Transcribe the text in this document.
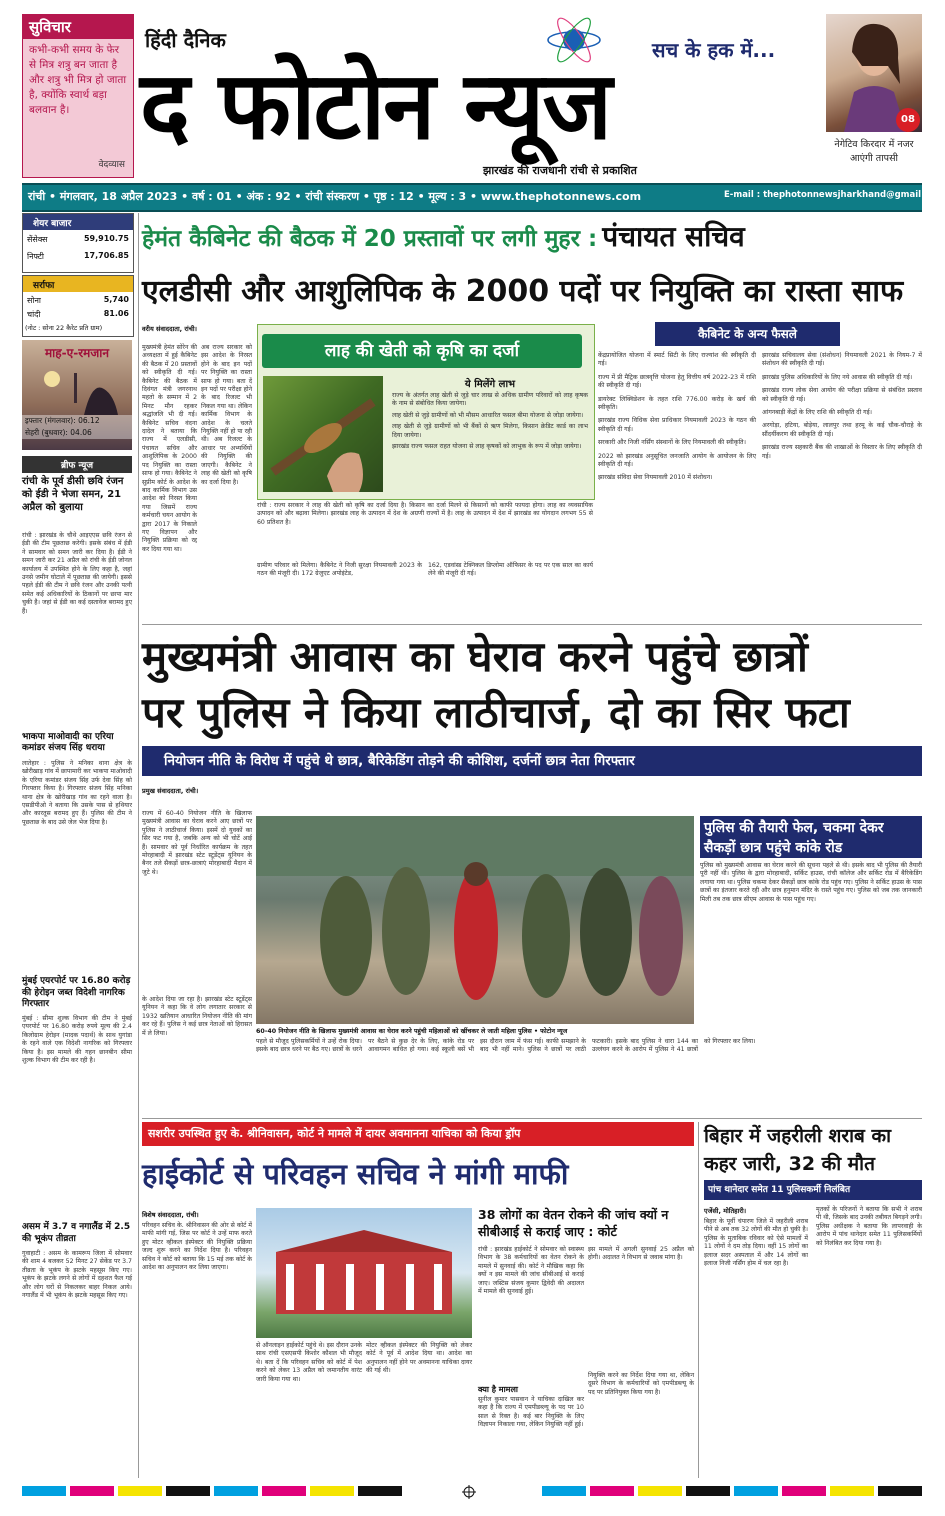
सुविचार
कभी-कभी समय के फेर से मित्र शत्रु बन जाता है और शत्रु भी मित्र हो जाता है, क्योंकि स्वार्थ बड़ा बलवान है।
वेदव्यास
हिंदी दैनिक	सच के हक में...
द फोटोन न्यूज
झारखंड की राजधानी रांची से प्रकाशित
08
नेगेटिव किरदार में नजर आएंगी तापसी
रांची • मंगलवार, 18 अप्रैल 2023 • वर्ष : 01 • अंक : 92 • रांची संस्करण • पृष्ठ : 12 • मूल्य : 3 • www.thephotonnews.com	E-mail : thephotonnewsjharkhand@gmail.com
शेयर बाजार
सेंसेक्स	59,910.75
निफ्टी	17,706.85
सर्राफा
सोना	5,740
चांदी	81.06
(नोट : सोना 22 कैरेट प्रति ग्राम)
माह-ए-रमजान
इफ्तार (मंगलवार): 06.12
सेहरी (बुधवार): 04.06
ब्रीफ न्यूज
रांची के पूर्व डीसी छवि रंजन को ईडी ने भेजा समन, 21 अप्रैल को बुलाया
रांची : झारखंड के चौथे आइएएस छवि रंजन से ईडी की टीम पूछताछ करेगी। इसके संबंध में ईडी ने सामवार को समन जारी कर दिया है। ईडी ने समन जारी कर 21 अप्रैल को रांची के ईडी जोनल कार्यालय में उपस्थित होने के लिए कहा है, जहां उनसे जमीन घोटाले में पूछताछ की जायेगी। इससे पहले ईडी की टीम ने छवि रंजन और उनकी पत्नी समेत कई अधिकारियों के ठिकानों पर छापा मार चुकी है। जहां से ईडी का कई दस्तावेज बरामद हुए हैं।
भाकपा माओवादी का एरिया कमांडर संजय सिंह धराया
लातेहार : पुलिस ने मनिका थाना क्षेत्र के खोरीखाड़ गांव में छापामारी कर भाकपा माओवादी के एरिया कमांडर संजय सिंह उर्फ देवा सिंह को गिरफ्तार किया है। गिरफ्तार संजय सिंह मनिका थाना क्षेत्र के खोरीखाड़ गांव का रहने वाला है। एसडीपीओ ने बताया कि उसके पास से हथियार और कारतूस बरामद हुए हैं। पुलिस की टीम ने पूछताछ के बाद उसे जेल भेज दिया है।
मुंबई एयरपोर्ट पर 16.80 करोड़ की हेरोइन जब्त विदेशी नागरिक गिरफ्तार
मुंबई : सीमा शुल्क विभाग की टीम ने मुंबई एयरपोर्ट पर 16.80 करोड़ रुपये मूल्य की 2.4 किलोग्राम हेरोइन (मादक पदार्थ) के साथ युगांडा के रहने वाले एक विदेशी नागरिक को गिरफ्तार किया है। इस मामले की गहन छानबीन सीमा शुल्क विभाग की टीम कर रही है।
असम में 3.7 व नगालैंड में 2.5 की भूकंप तीव्रता
गुवाहाटी : असम के कामरूप जिला में सोमवार की शाम 4 बजकर 52 मिनट 27 सेकेंड पर 3.7 तीव्रता के भूकंप के झटके महसूस किए गए। भूकंप के झटके लगने से लोगों में दहशत फैल गई और लोग घरों से निकलकर बाहर निकल आये। नगालैंड में भी भूकंप के झटके महसूस किए गए।
हेमंत कैबिनेट की बैठक में 20 प्रस्तावों पर लगी मुहर : पंचायत सचिव
एलडीसी और आशुलिपिक के 2000 पदों पर नियुक्ति का रास्ता साफ
वरीय संवाददाता, रांची।
मुख्यमंत्री हेमंत सोरेन की अध्यक्षता में हुई कैबिनेट की बैठक में 20 प्रस्तावों को स्वीकृति दी गई। कैबिनेट की बैठक में दिवंगत मंत्री जगरनाथ महतो के सम्मान में 2 मिनट मौन रहकर श्रद्धांजलि भी दी गई। कैबिनेट सचिव वंदना दादेल ने बताया कि राज्य में एलडीसी, पंचायत सचिव और आशुलिपिक के 2000 पद नियुक्ति का रास्ता साफ हो गया। कैबिनेट ने सुप्रीम कोर्ट के आदेश के बाद कार्मिक विभाग उस आदेश को निरस्त किया गया जिसमें राज्य कर्मचारी चयन आयोग के द्वारा 2017 के निकाले गए विज्ञापन और नियुक्ति प्रक्रिया को रद्द कर दिया गया था।
अब राज्य सरकार को इस आदेश के निरस्त होने के बाद इन पदों पर नियुक्ति का रास्ता साफ हो गया। बता दें इन पदों पर परीक्षा होने के बाद रिजल्ट भी निकल गया था। लेकिन कार्मिक विभाग के आदेश के चलते नियुक्ति नहीं हो पा रही थी। अब रिजल्ट के आधार पर अभ्यर्थियों की नियुक्ति की जाएगी। कैबिनेट ने लाह की खेती को कृषि का दर्जा दिया है।
लाह की खेती को कृषि का दर्जा
ये मिलेंगे लाभ
राज्य के अंतर्गत लाह खेती से जुड़े चार लाख से अधिक ग्रामीण परिवारों को लाह कृषक के नाम से संबोधित किया जायेगा।
लाह खेती से जुड़े ग्रामीणों को भी मौसम आधारित फसल बीमा योजना से जोड़ा जायेगा।
लाह खेती से जुड़े ग्रामीणों को भी बैंकों से ऋण मिलेगा, किसान क्रेडिट कार्ड का लाभ दिया जायेगा।
झारखंड राज्य फसल राहत योजना से लाह कृषकों को लाभुक के रूप में जोड़ा जायेगा।
रांची : राज्य सरकार ने लाह की खेती को कृषि का दर्जा दिया है। किसान का दर्जा मिलने से किसानों को काफी फायदा होगा। लाह का व्यवसायिक उत्पादन को और बढ़ावा मिलेगा। झारखंड लाह के उत्पादन में देश के अग्रणी राज्यों में है। लाह के उत्पादन में देश में झारखंड का योगदान लगभग 55 से 60 प्रतिशत है।
ग्रामीण परिवार को मिलेगा। कैबिनेट ने निजी सुरक्षा नियमावली 2023 के गठन की मंजूरी दी। 172 ग्रेजुएट अपोइंटेड,
162, एडवांस्ड टेक्निकल डिप्लोमा ऑफिसर के पद पर एक साल का कार्य लेने की मंजूरी दी गई।
कैबिनेट के अन्य फैसले
केंद्रप्रायोजित योजना में स्मार्ट सिटी के लिए राज्यांश की स्वीकृति दी गई।
राज्य में प्री मैट्रिक छात्रवृत्ति योजना हेतु वित्तीय वर्ष 2022-23 में राशि की स्वीकृति दी गई।
डायरेक्ट लिक्विडेशन के तहत राशि 776.00 करोड़ के खर्च की स्वीकृति।
झारखंड राज्य विधिक सेवा प्राधिकार नियमावली 2023 के गठन की स्वीकृति दी गई।
सरकारी और निजी नर्सिंग संस्थानों के लिए नियमावली की स्वीकृति।
2022 को झारखंड अनुसूचित जनजाति आयोग के आयोजन के लिए स्वीकृति दी गई।
झारखंड संविदा सेवा नियमावली 2010 में संशोधन।
झारखंड सचिवालय सेवा (संशोधन) नियमावली 2021 के नियम-7 में संशोधन की स्वीकृति दी गई।
झारखंड पुलिस अधिकारियों के लिए नये आवास की स्वीकृति दी गई।
झारखंड राज्य लोक सेवा आयोग की परीक्षा प्रक्रिया से संबंधित प्रस्ताव को स्वीकृति दी गई।
आंगनबाड़ी केंद्रों के लिए राशि की स्वीकृति दी गई।
अरगोड़ा, हटिया, बोड़ेया, लालपुर तथा हरमू के कई चौक-चौराहे के सौंदर्यीकरण की स्वीकृति दी गई।
झारखंड राज्य सहकारी बैंक की शाखाओं के विस्तार के लिए स्वीकृति दी गई।
मुख्यमंत्री आवास का घेराव करने पहुंचे छात्रों
पर पुलिस ने किया लाठीचार्ज, दो का सिर फटा
नियोजन नीति के विरोध में पहुंचे थे छात्र, बैरिकेडिंग तोड़ने की कोशिश, दर्जनों छात्र नेता गिरफ्तार
प्रमुख संवाददाता, रांची।
राज्य में 60-40 नियोजन नीति के खिलाफ मुख्यमंत्री आवास का घेराव करने आए छात्रों पर पुलिस ने लाठीचार्ज किया। इसमें दो युवकों का सिर फट गया है, जबकि अन्य को भी चोटें आई हैं। सामवार को पूर्व निर्धारित कार्यक्रम के तहत मोरहाबादी में झारखंड स्टेट स्टूडेंट्स यूनियन के बैनर तले सैकड़ों छात्र-छात्राएं मोरहाबादी मैदान में जुटे थे।
के आदेश दिया जा रहा है। झारखंड स्टेट स्टूडेंट्स यूनियन ने कहा कि वे लोग लगातार सरकार से 1932 खतियान आधारित नियोजन नीति की मांग कर रहे हैं। पुलिस ने कई छात्र नेताओं को हिरासत में ले लिया।	60-40 नियोजन नीति के खिलाफ मुख्यमंत्री आवास का घेराव करने पहुंची महिलाओं को खींचकर ले जाती महिला पुलिस • फोटोन न्यूज
पुलिस की तैयारी फेल, चकमा देकर सैकड़ों छात्र पहुंचे कांके रोड
पुलिस को मुख्यमंत्री आवास का घेराव करने की सूचना पहले से थी। इसके बाद भी पुलिस की तैयारी पूरी नहीं थी। पुलिस के द्वारा मोरहाबादी, सर्किट हाउस, रांची कॉलेज और सर्किट रोड में बैरिकेडिंग लगाया गया था। पुलिस चकमा देकर सैकड़ों छात्र कांके रोड पहुंच गए। पुलिस ने सर्किट हाउस के पास छात्रों का इंतजार करते रही और छात्र हनुमान मंदिर के रास्ते पहुंच गए। पुलिस को जब तक जानकारी मिली तब तक छात्र सीएम आवास के पास पहुंच गए।
पहले से मौजूद पुलिसकर्मियों ने उन्हें रोक दिया। इसके बाद छात्र धरने पर बैठ गए। छात्रों के धरने पर बैठने से कुछ देर के लिए, कांके रोड पर आवागमन बाधित हो गया। कई स्कूली बसें भी इस दौरान जाम में फंस गई। काफी समझाने के बाद भी नहीं माने। पुलिस ने छात्रों पर लाठी फटकारी। इसके बाद पुलिस ने धारा 144 का उल्लंघन करने के आरोप में पुलिस ने 41 छात्रों को गिरफ्तार कर लिया।
सशरीर उपस्थित हुए के. श्रीनिवासन, कोर्ट ने मामले में दायर अवमानना याचिका को किया ड्रॉप
हाईकोर्ट से परिवहन सचिव ने मांगी माफी
विशेष संवाददाता, रांची।
परिवहन सचिव के. श्रीनिवासन की ओर से कोर्ट में माफी मांगी गई, जिस पर कोर्ट ने उन्हें माफ करते हुए मोटर व्हीकल इंस्पेक्टर की नियुक्ति प्रक्रिया जल्द शुरू करने का निर्देश दिया है। परिवहन सचिव ने कोर्ट को बताया कि 15 मई तक कोर्ट के आदेश का अनुपालन कर लिया जाएगा।
से ऑनलाइन हाईकोर्ट पहुंचे थे। इस दौरान उनके साथ रांची एसएसपी किशोर कौशल भी मौजूद थे। बता दें कि परिवहन सचिव को कोर्ट में पेश करने को लेकर 13 अप्रैल को जमानतीय वारंट जारी किया गया था।
मोटर व्हीकल इंस्पेक्टर की नियुक्ति को लेकर कोर्ट ने पूर्व में आदेश दिया था। आदेश का अनुपालन नहीं होने पर अवमानना याचिका दायर की गई थी।
38 लोगों का वेतन रोकने की जांच क्यों न सीबीआई से कराई जाए : कोर्ट
रांची : झारखंड हाईकोर्ट ने सोमवार को स्वास्थ्य विभाग के 38 कर्मचारियों का वेतन रोकने के मामले में सुनवाई की। कोर्ट ने मौखिक कहा कि क्यों न इस मामले की जांच सीबीआई से कराई जाए। जस्टिस संजय कुमार द्विवेदी की अदालत में मामले की सुनवाई हुई।
इस मामले में अगली सुनवाई 25 अप्रैल को होगी। अदालत ने विभाग से जवाब मांगा है।
क्या है मामला
सुनील कुमार पासवान ने याचिका दाखिल कर कहा है कि राज्य में एमपीडब्ल्यू के पद पर 10 साल से रिक्त है। कई बार नियुक्ति के लिए विज्ञापन निकाला गया, लेकिन नियुक्ति नहीं हुई।
नियुक्ति करने का निर्देश दिया गया था, लेकिन दूसरे विभाग के कर्मचारियों को एमपीडब्ल्यू के पद पर प्रतिनियुक्त किया गया है।
बिहार में जहरीली शराब का कहर जारी, 32 की मौत
पांच थानेदार समेत 11 पुलिसकर्मी निलंबित
एजेंसी, मोतिहारी।
बिहार के पूर्वी चंपारण जिले में जहरीली शराब पीने से अब तक 32 लोगों की मौत हो चुकी है। पुलिस के मुताबिक रविवार को ऐसे मामलों में 11 लोगों ने दम तोड़ दिया। वहीं 15 लोगों का इलाज सदर अस्पताल में और 14 लोगों का इलाज निजी नर्सिंग होम में चल रहा है।
मृतकों के परिजनों ने बताया कि सभी ने शराब पी थी, जिसके बाद उनकी तबीयत बिगड़ने लगी। पुलिस अधीक्षक ने बताया कि लापरवाही के आरोप में पांच थानेदार समेत 11 पुलिसकर्मियों को निलंबित कर दिया गया है।
